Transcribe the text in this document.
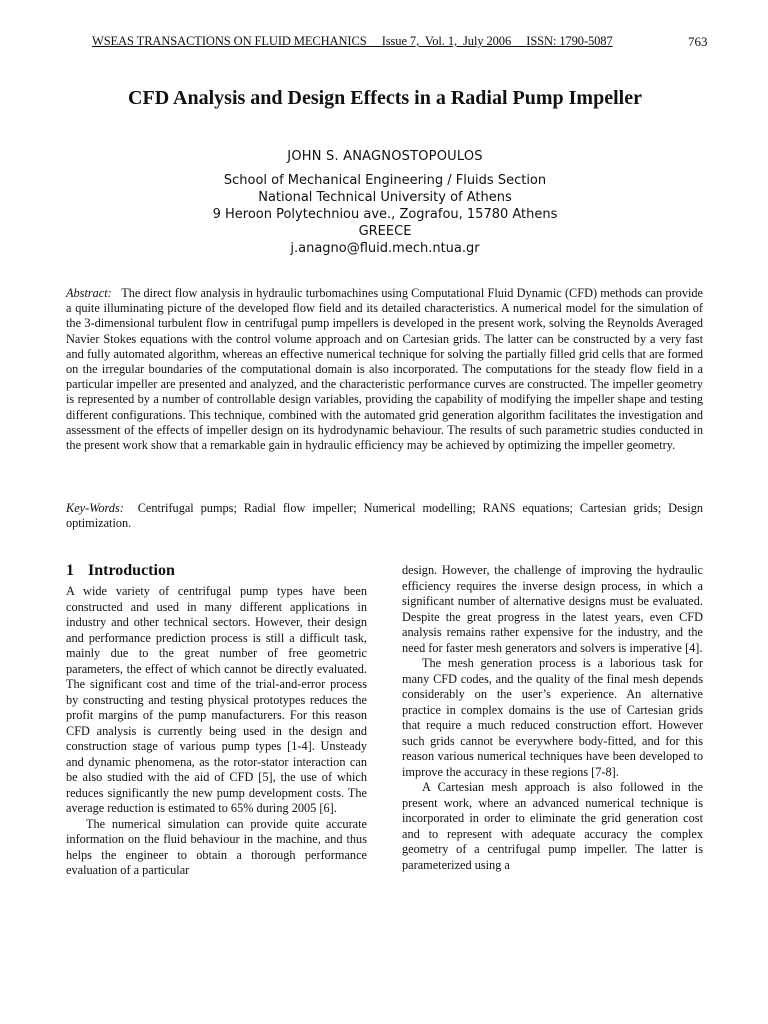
WSEAS TRANSACTIONS ON FLUID MECHANICS Issue 7,  Vol. 1,  July 2006 ISSN: 1790-5087	763
CFD Analysis and Design Effects in a Radial Pump Impeller
JOHN S. ANAGNOSTOPOULOS
School of Mechanical Engineering / Fluids Section
National Technical University of Athens
9 Heroon Polytechniou ave., Zografou, 15780 Athens
GREECE
j.anagno@fluid.mech.ntua.gr
Abstract: The direct flow analysis in hydraulic turbomachines using Computational Fluid Dynamic (CFD) methods can provide a quite illuminating picture of the developed flow field and its detailed characteristics. A numerical model for the simulation of the 3-dimensional turbulent flow in centrifugal pump impellers is developed in the present work, solving the Reynolds Averaged Navier Stokes equations with the control volume approach and on Cartesian grids. The latter can be constructed by a very fast and fully automated algorithm, whereas an effective numerical technique for solving the partially filled grid cells that are formed on the irregular boundaries of the computational domain is also incorporated. The computations for the steady flow field in a particular impeller are presented and analyzed, and the characteristic performance curves are constructed. The impeller geometry is represented by a number of controllable design variables, providing the capability of modifying the impeller shape and testing different configurations. This technique, combined with the automated grid generation algorithm facilitates the investigation and assessment of the effects of impeller design on its hydrodynamic behaviour. The results of such parametric studies conducted in the present work show that a remarkable gain in hydraulic efficiency may be achieved by optimizing the impeller geometry.
Key-Words: Centrifugal pumps; Radial flow impeller; Numerical modelling; RANS equations; Cartesian grids; Design optimization.
1 Introduction

A wide variety of centrifugal pump types have been constructed and used in many different applications in industry and other technical sectors. However, their design and performance prediction process is still a difficult task, mainly due to the great number of free geometric parameters, the effect of which cannot be directly evaluated. The significant cost and time of the trial-and-error process by constructing and testing physical prototypes reduces the profit margins of the pump manufacturers. For this reason CFD analysis is currently being used in the design and construction stage of various pump types [1-4]. Unsteady and dynamic phenomena, as the rotor-stator interaction can be also studied with the aid of CFD [5], the use of which reduces significantly the new pump development costs. The average reduction is estimated to 65% during 2005 [6].

The numerical simulation can provide quite accurate information on the fluid behaviour in the machine, and thus helps the engineer to obtain a thorough performance evaluation of a particular

design. However, the challenge of improving the hydraulic efficiency requires the inverse design process, in which a significant number of alternative designs must be evaluated. Despite the great progress in the latest years, even CFD analysis remains rather expensive for the industry, and the need for faster mesh generators and solvers is imperative [4].

The mesh generation process is a laborious task for many CFD codes, and the quality of the final mesh depends considerably on the user’s experience. An alternative practice in complex domains is the use of Cartesian grids that require a much reduced construction effort. However such grids cannot be everywhere body-fitted, and for this reason various numerical techniques have been developed to improve the accuracy in these regions [7-8].

A Cartesian mesh approach is also followed in the present work, where an advanced numerical technique is incorporated in order to eliminate the grid generation cost and to represent with adequate accuracy the complex geometry of a centrifugal pump impeller. The latter is parameterized using a
